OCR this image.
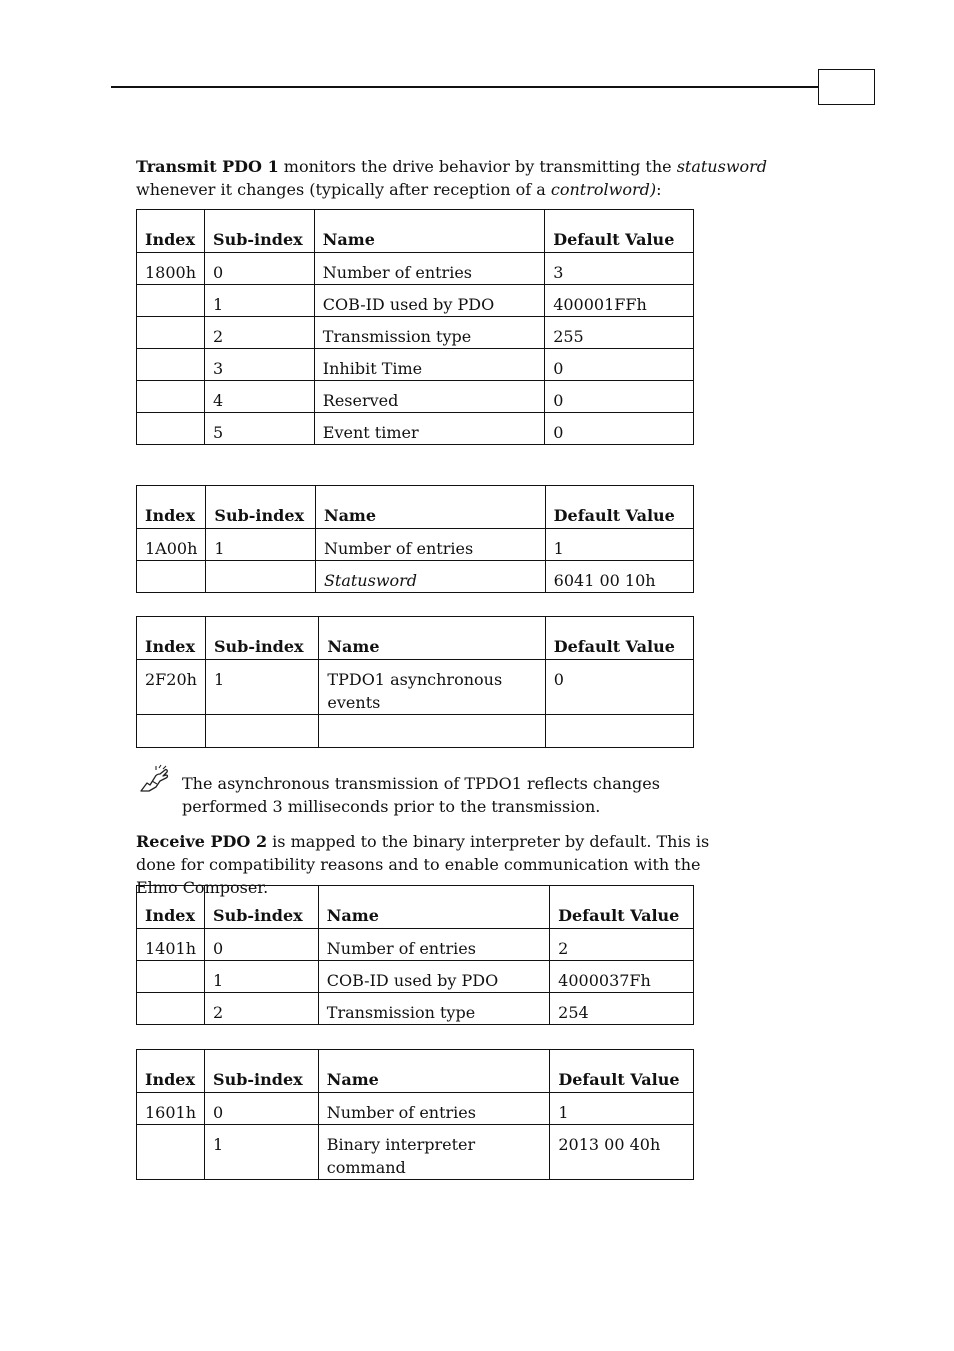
Transmit PDO 1 monitors the drive behavior by transmitting the statusword whenever it changes (typically after reception of a controlword):

Index	Sub-index	Name	Default Value
1800h	0	Number of entries	3
	1	COB-ID used by PDO	400001FFh
	2	Transmission type	255
	3	Inhibit Time	0
	4	Reserved	0
	5	Event timer	0
Index	Sub-index	Name	Default Value
1A00h	1	Number of entries	1
		Statusword	6041 00 10h
Index	Sub-index	Name	Default Value
2F20h	1	TPDO1 asynchronous events	0

The asynchronous transmission of TPDO1 reflects changes performed 3 milliseconds prior to the transmission.

Receive PDO 2 is mapped to the binary interpreter by default. This is done for compatibility reasons and to enable communication with the Elmo Composer.

Index	Sub-index	Name	Default Value
1401h	0	Number of entries	2
	1	COB-ID used by PDO	4000037Fh
	2	Transmission type	254
Index	Sub-index	Name	Default Value
1601h	0	Number of entries	1
	1	Binary interpreter command	2013 00 40h
